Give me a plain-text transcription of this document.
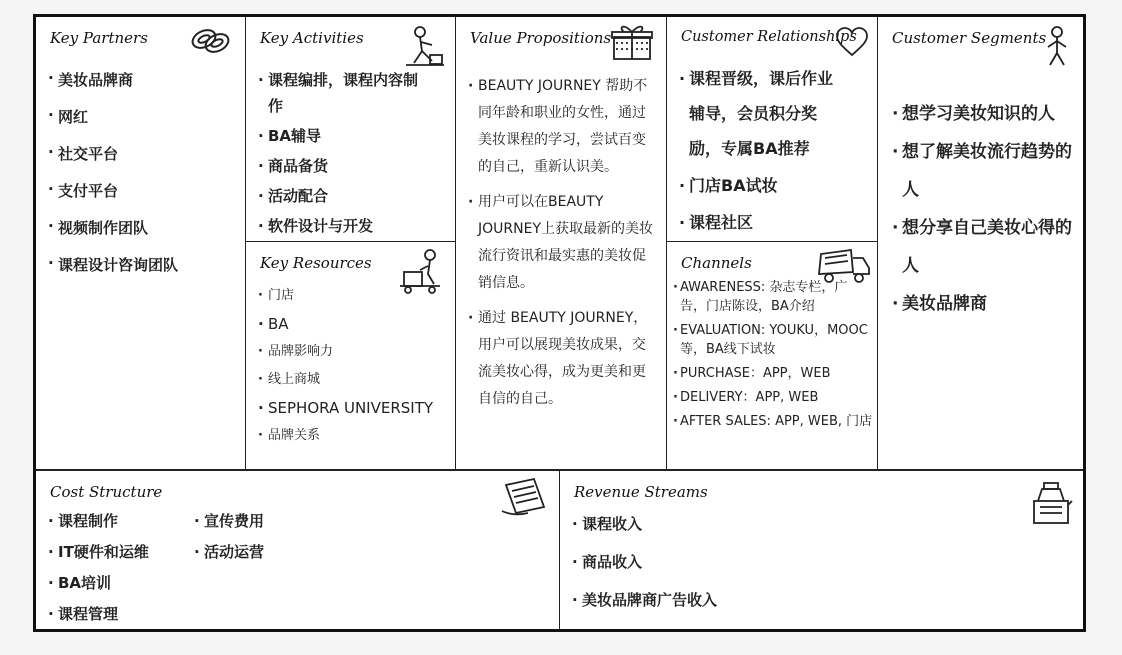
Key Partners
· 美妆品牌商
· 网红
· 社交平台
· 支付平台
· 视频制作团队
· 课程设计咨询团队
Key Activities
· 课程编排，课程内容制作
· BA辅导
· 商品备货
· 活动配合
· 软件设计与开发
Key Resources
· 门店
· BA
· 品牌影响力
· 线上商城
· SEPHORA UNIVERSITY
· 品牌关系
Value Propositions
· BEAUTY JOURNEY 帮助不同年龄和职业的女性，通过美妆课程的学习，尝试百变的自己，重新认识美。
· 用户可以在BEAUTY JOURNEY上获取最新的美妆流行资讯和最实惠的美妆促销信息。
· 通过 BEAUTY JOURNEY，用户可以展现美妆成果，交流美妆心得，成为更美和更自信的自己。
Customer Relationships
· 课程晋级，课后作业辅导，会员积分奖励，专属BA推荐
· 门店BA试妆
· 课程社区
Channels
· AWARENESS: 杂志专栏，广告，门店陈设，BA介绍
· EVALUATION: YOUKU，MOOC 等，BA线下试妆
· PURCHASE：APP，WEB
· DELIVERY：APP, WEB
· AFTER SALES: APP, WEB, 门店
Customer Segments
· 想学习美妆知识的人
· 想了解美妆流行趋势的人
· 想分享自己美妆心得的人
· 美妆品牌商
Cost Structure
· 课程制作
· IT硬件和运维
· BA培训
· 课程管理
· 宣传费用
· 活动运营
Revenue Streams
· 课程收入
· 商品收入
· 美妆品牌商广告收入
